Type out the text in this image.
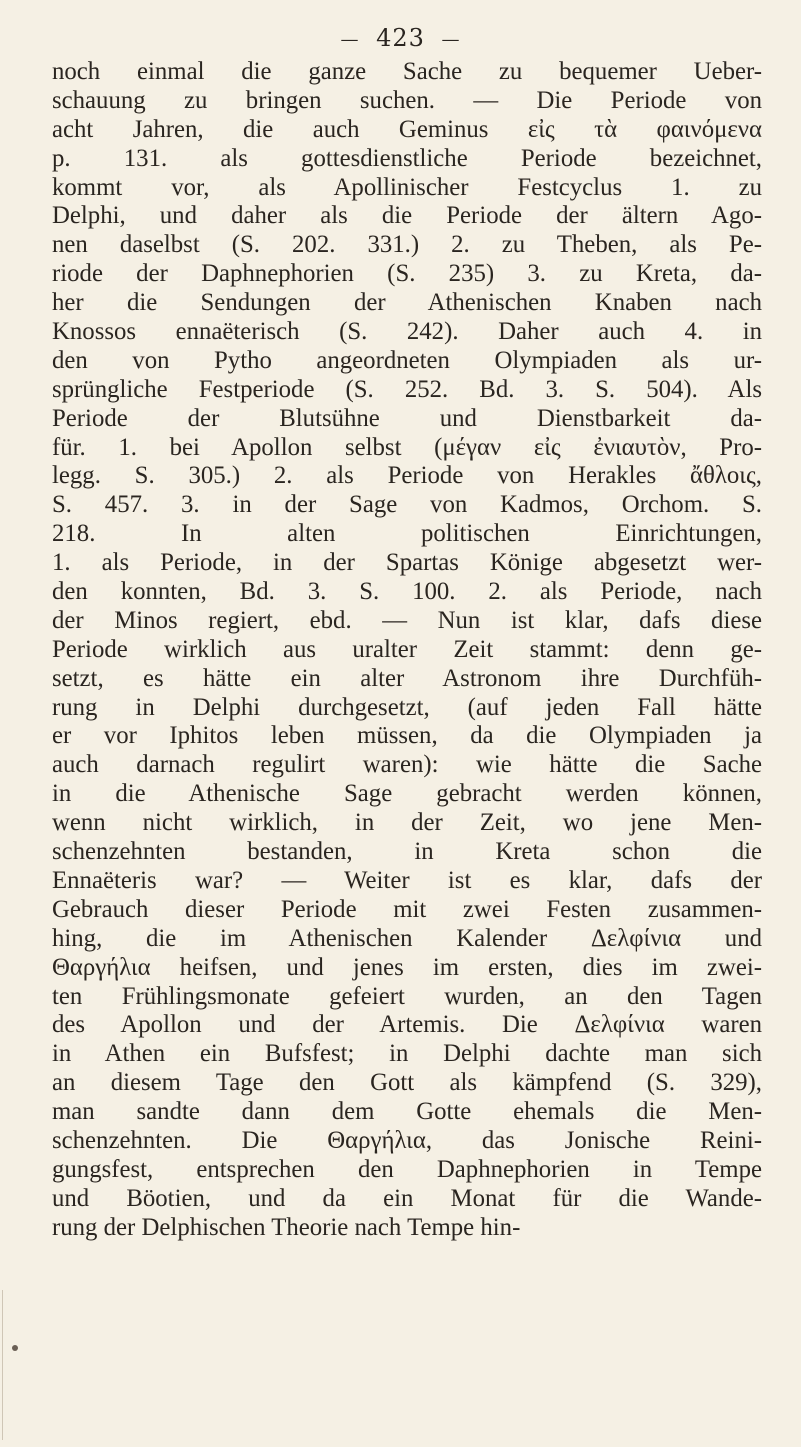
— 423 —
noch einmal die ganze Sache zu bequemer Ueber-
schauung zu bringen suchen. — Die Periode von
acht Jahren, die auch Geminus εἰς τὰ φαινόμενα
p. 131. als gottesdienstliche Periode bezeichnet,
kommt vor, als Apollinischer Festcyclus 1. zu
Delphi, und daher als die Periode der ältern Ago-
nen daselbst (S. 202. 331.) 2. zu Theben, als Pe-
riode der Daphnephorien (S. 235) 3. zu Kreta, da-
her die Sendungen der Athenischen Knaben nach
Knossos ennaëterisch (S. 242). Daher auch 4. in
den von Pytho angeordneten Olympiaden als ur-
sprüngliche Festperiode (S. 252. Bd. 3. S. 504). Als
Periode der Blutsühne und Dienstbarkeit da-
für. 1. bei Apollon selbst (μέγαν εἰς ἐνιαυτὸν, Pro-
legg. S. 305.) 2. als Periode von Herakles ἄθλοις,
S. 457. 3. in der Sage von Kadmos, Orchom. S.
218. In alten politischen Einrichtungen,
1. als Periode, in der Spartas Könige abgesetzt wer-
den konnten, Bd. 3. S. 100. 2. als Periode, nach
der Minos regiert, ebd. — Nun ist klar, dafs diese
Periode wirklich aus uralter Zeit stammt: denn ge-
setzt, es hätte ein alter Astronom ihre Durchfüh-
rung in Delphi durchgesetzt, (auf jeden Fall hätte
er vor Iphitos leben müssen, da die Olympiaden ja
auch darnach regulirt waren): wie hätte die Sache
in die Athenische Sage gebracht werden können,
wenn nicht wirklich, in der Zeit, wo jene Men-
schenzehnten bestanden, in Kreta schon die
Ennaëteris war? — Weiter ist es klar, dafs der
Gebrauch dieser Periode mit zwei Festen zusammen-
hing, die im Athenischen Kalender Δελφίνια und
Θαργήλια heifsen, und jenes im ersten, dies im zwei-
ten Frühlingsmonate gefeiert wurden, an den Tagen
des Apollon und der Artemis. Die Δελφίνια waren
in Athen ein Bufsfest; in Delphi dachte man sich
an diesem Tage den Gott als kämpfend (S. 329),
man sandte dann dem Gotte ehemals die Men-
schenzehnten. Die Θαργήλια, das Jonische Reini-
gungsfest, entsprechen den Daphnephorien in Tempe
und Böotien, und da ein Monat für die Wande-
rung der Delphischen Theorie nach Tempe hin-
